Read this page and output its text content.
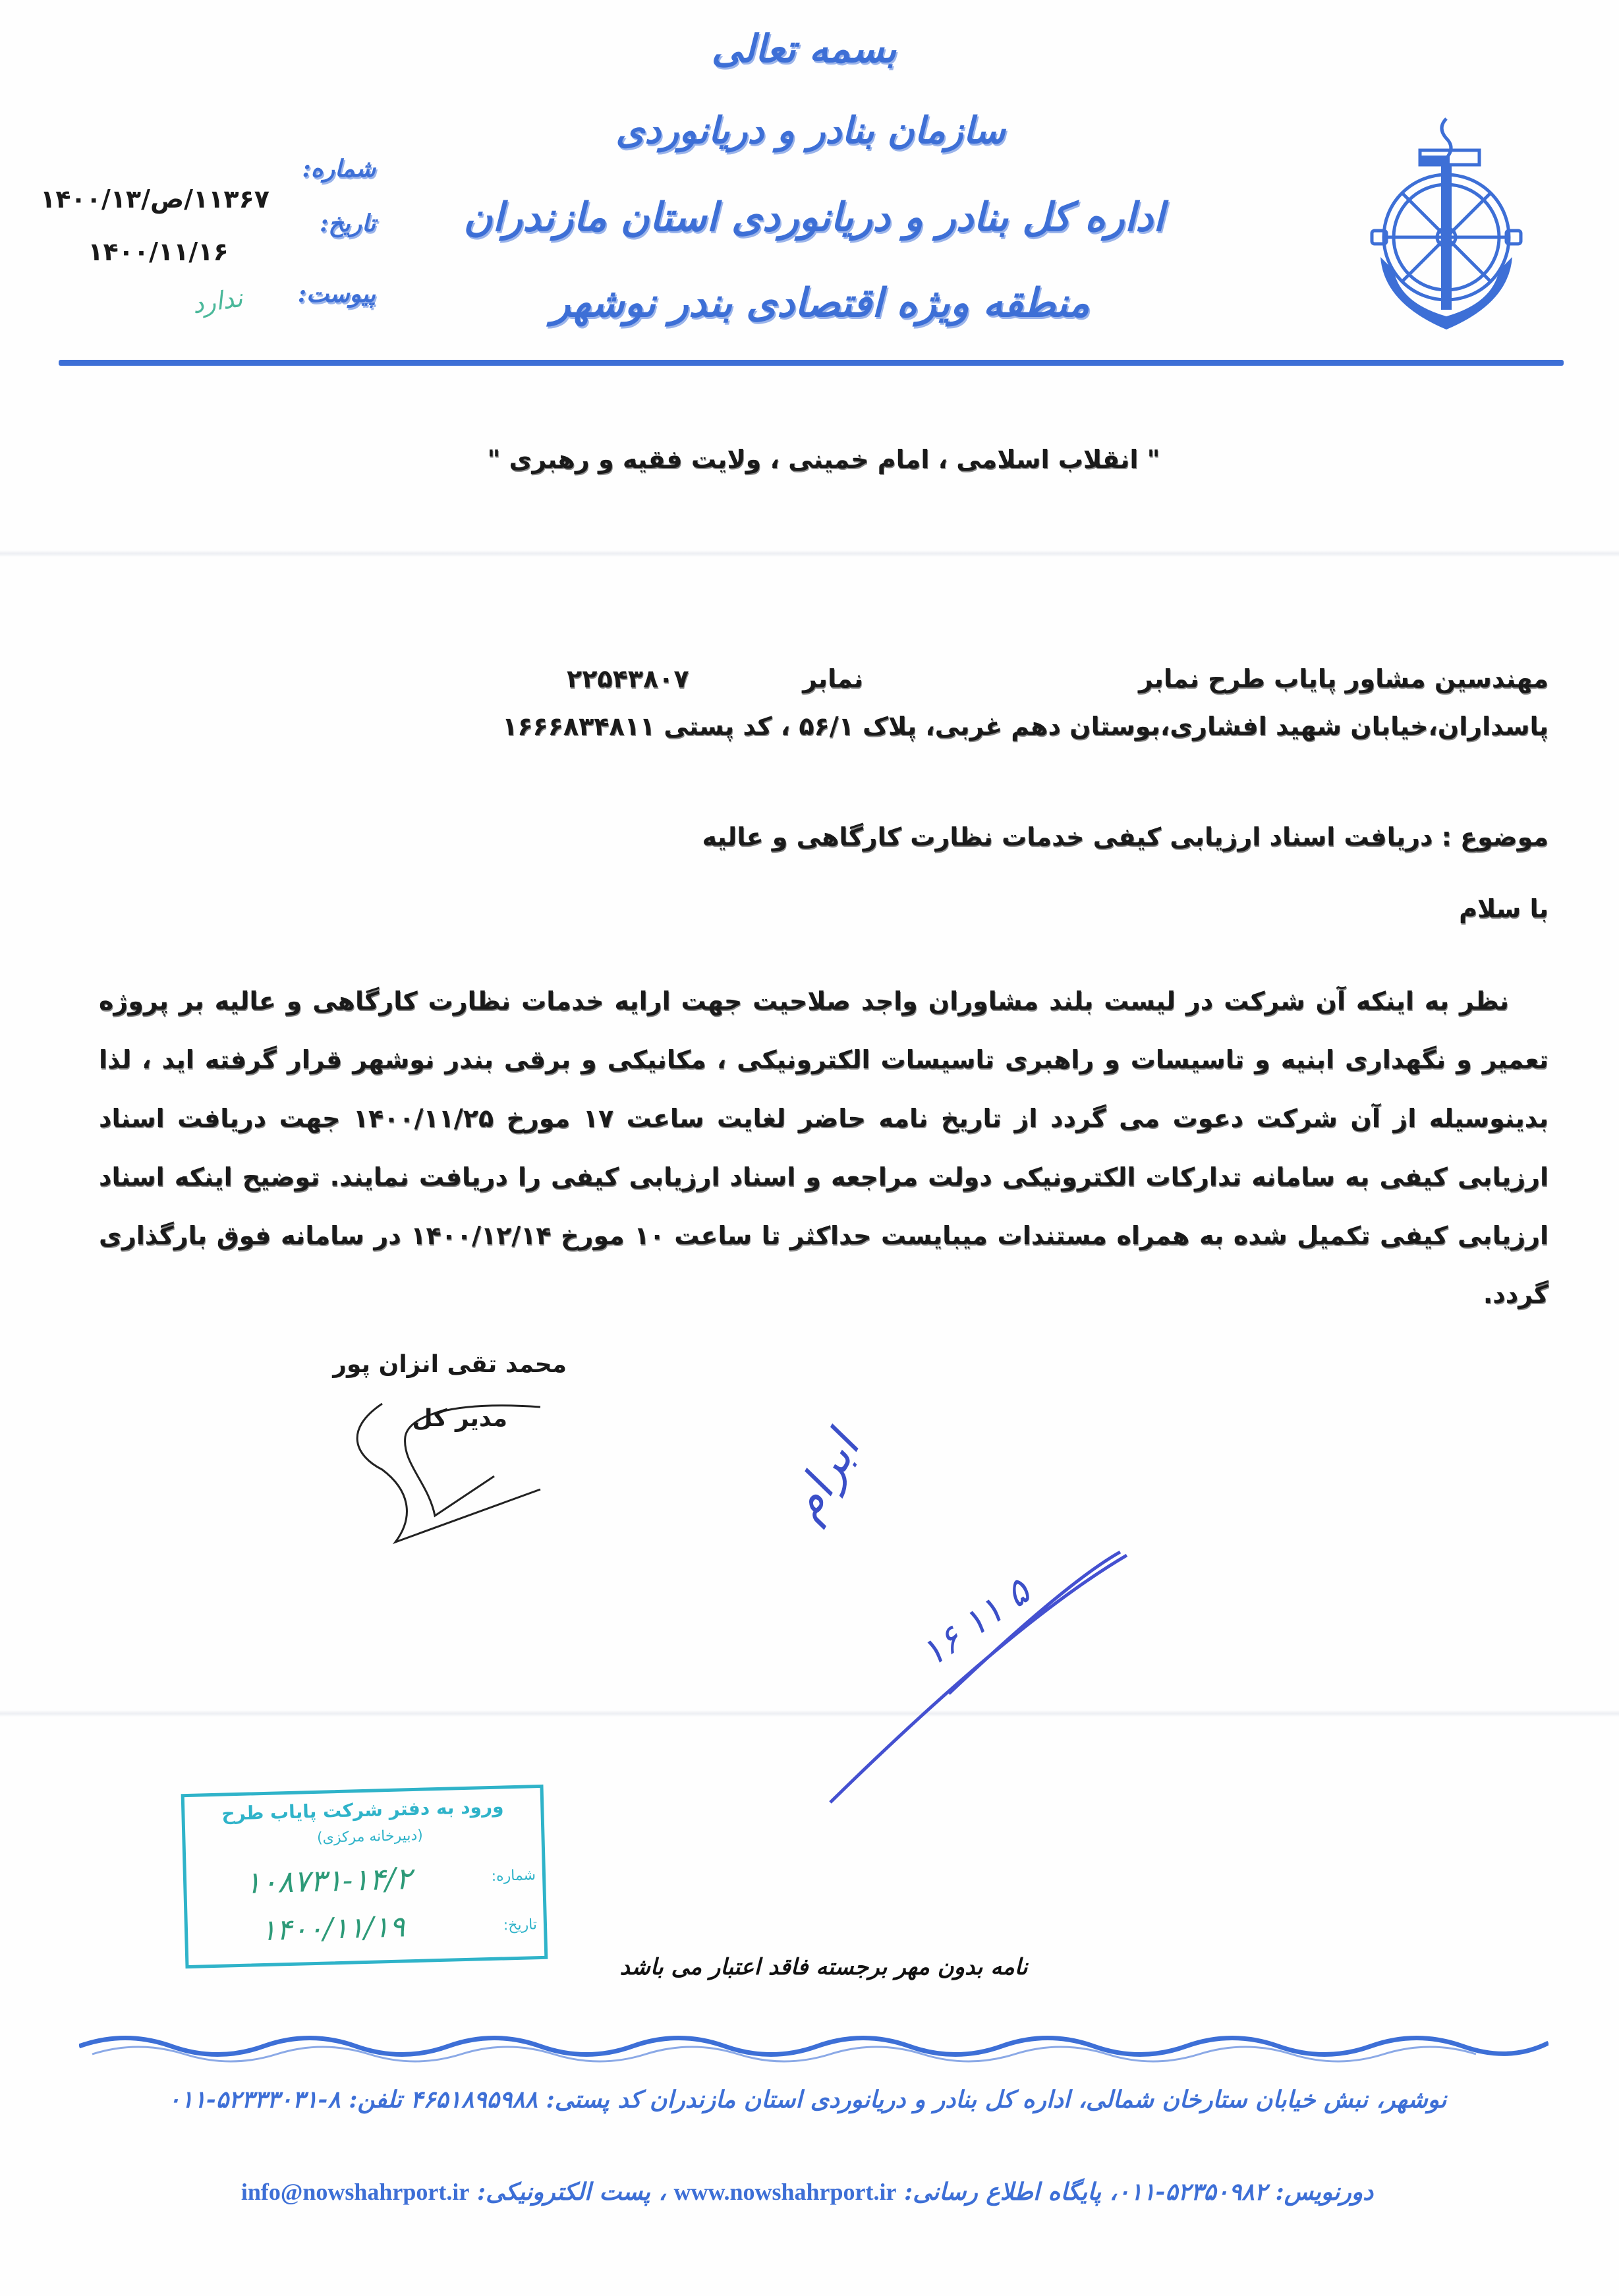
بسمه تعالی
سازمان بنادر و دریانوردی
اداره کل بنادر و دریانوردی استان مازندران
منطقه ویژه اقتصادی بندر نوشهر
شماره:
تاریخ:
پیوست:
۱۱۳۶۷/ص/۱۴۰۰/۱۳
۱۴۰۰/۱۱/۱۶
ندارد
" انقلاب اسلامی ، امام خمینی ، ولایت فقیه و رهبری "
مهندسین مشاور پایاب طرح نمابر
نمابر
۲۲۵۴۳۸۰۷
پاسداران،خیابان شهید افشاری،بوستان دهم غربی، پلاک ۵۶/۱ ، کد پستی ۱۶۶۶۸۳۴۸۱۱
موضوع : دریافت اسناد ارزیابی کیفی خدمات نظارت کارگاهی و عالیه
با سلام
نظر به اینکه آن شرکت در لیست بلند مشاوران واجد صلاحیت جهت ارایه خدمات نظارت کارگاهی و عالیه بر پروژه تعمیر و نگهداری ابنیه و تاسیسات و راهبری تاسیسات الکترونیکی ، مکانیکی و برقی بندر نوشهر قرار گرفته اید ، لذا بدینوسیله از آن شرکت دعوت می گردد از تاریخ نامه حاضر لغایت ساعت ۱۷ مورخ ۱۴۰۰/۱۱/۲۵ جهت دریافت اسناد ارزیابی کیفی به سامانه تدارکات الکترونیکی دولت مراجعه و اسناد ارزیابی کیفی را دریافت نمایند. توضیح اینکه اسناد ارزیابی کیفی تکمیل شده به همراه مستندات میبایست حداکثر تا ساعت ۱۰ مورخ ۱۴۰۰/۱۲/۱۴ در سامانه فوق بارگذاری گردد.
محمد تقی انزان پور
مدیر کل
ابرام
۱۶ ۱۱ ۵
ورود به دفتر شرکت پایاب طرح
(دبیرخانه مرکزی)
شماره:
تاریخ:
۱۰۸۷۳۱-۱۴/۲
۱۴۰۰/۱۱/۱۹
نامه بدون مهر برجسته فاقد اعتبار می باشد
نوشهر، نبش خیابان ستارخان شمالی، اداره کل بنادر و دریانوردی استان مازندران کد پستی: ۴۶۵۱۸۹۵۹۸۸ تلفن: ۸-۵۲۳۳۳۰۳۱-۰۱۱
دورنویس: ۵۲۳۵۰۹۸۲-۰۱۱، پایگاه اطلاع رسانی: www.nowshahrport.ir ، پست الکترونیکی: info@nowshahrport.ir
